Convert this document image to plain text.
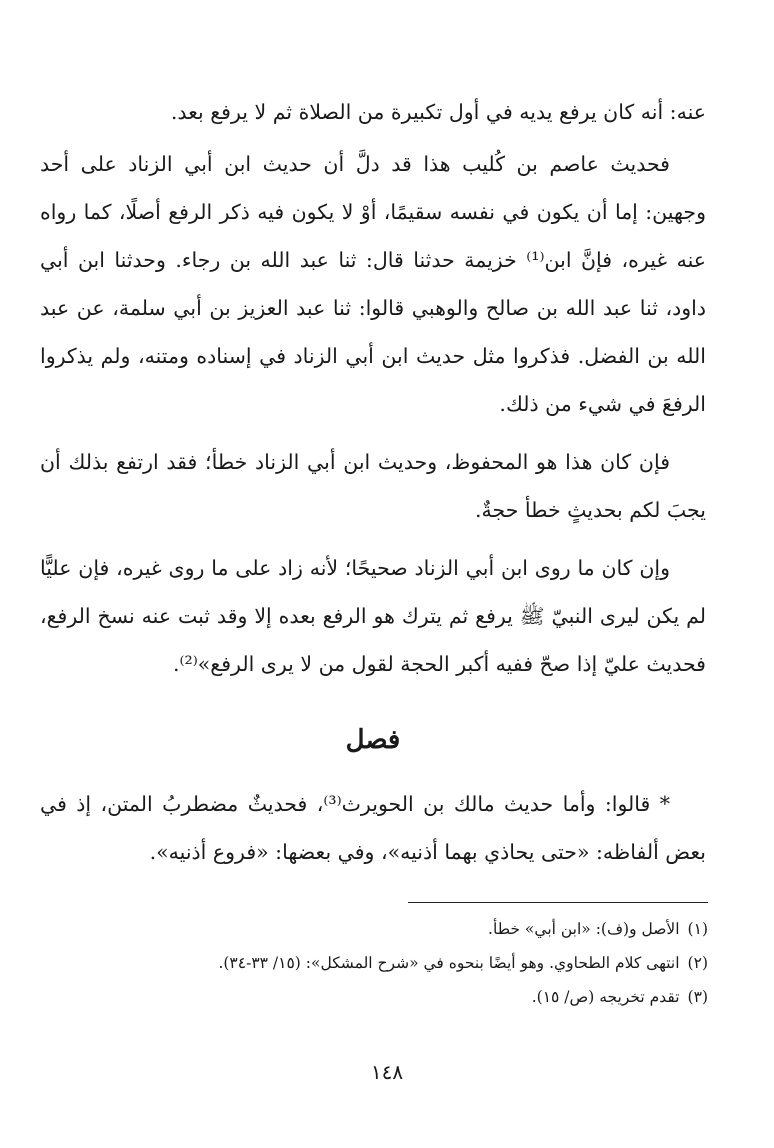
عنه: أنه كان يرفع يديه في أول تكبيرة من الصلاة ثم لا يرفع بعد.

فحديث عاصم بن كُليب هذا قد دلَّ أن حديث ابن أبي الزناد على أحد وجهين: إما أن يكون في نفسه سقيمًا، أوْ لا يكون فيه ذكر الرفع أصلًا، كما رواه عنه غيره، فإنَّ ابن⁽¹⁾ خزيمة حدثنا قال: ثنا عبد الله بن رجاء. وحدثنا ابن أبي داود، ثنا عبد الله بن صالح والوهبي قالوا: ثنا عبد العزيز بن أبي سلمة، عن عبد الله بن الفضل. فذكروا مثل حديث ابن أبي الزناد في إسناده ومتنه، ولم يذكروا الرفعَ في شيء من ذلك.

فإن كان هذا هو المحفوظ، وحديث ابن أبي الزناد خطأ؛ فقد ارتفع بذلك أن يجبَ لكم بحديثٍ خطأ حجةٌ.

وإن كان ما روى ابن أبي الزناد صحيحًا؛ لأنه زاد على ما روى غيره، فإن عليًّا لم يكن ليرى النبيّ ﷺ يرفع ثم يترك هو الرفع بعده إلا وقد ثبت عنه نسخ الرفع، فحديث عليّ إذا صحّ ففيه أكبر الحجة لقول من لا يرى الرفع»⁽²⁾.

فصل

* قالوا: وأما حديث مالك بن الحويرث⁽³⁾، فحديثٌ مضطربُ المتن، إذ في بعض ألفاظه: «حتى يحاذي بهما أذنيه»، وفي بعضها: «فروع أذنيه».

(١)الأصل و(ف): «ابن أبي» خطأ.
(٢)انتهى كلام الطحاوي. وهو أيضًا بنحوه في «شرح المشكل»: (١٥/ ٣٣-٣٤).
(٣)تقدم تخريجه (ص/ ١٥).
١٤٨
